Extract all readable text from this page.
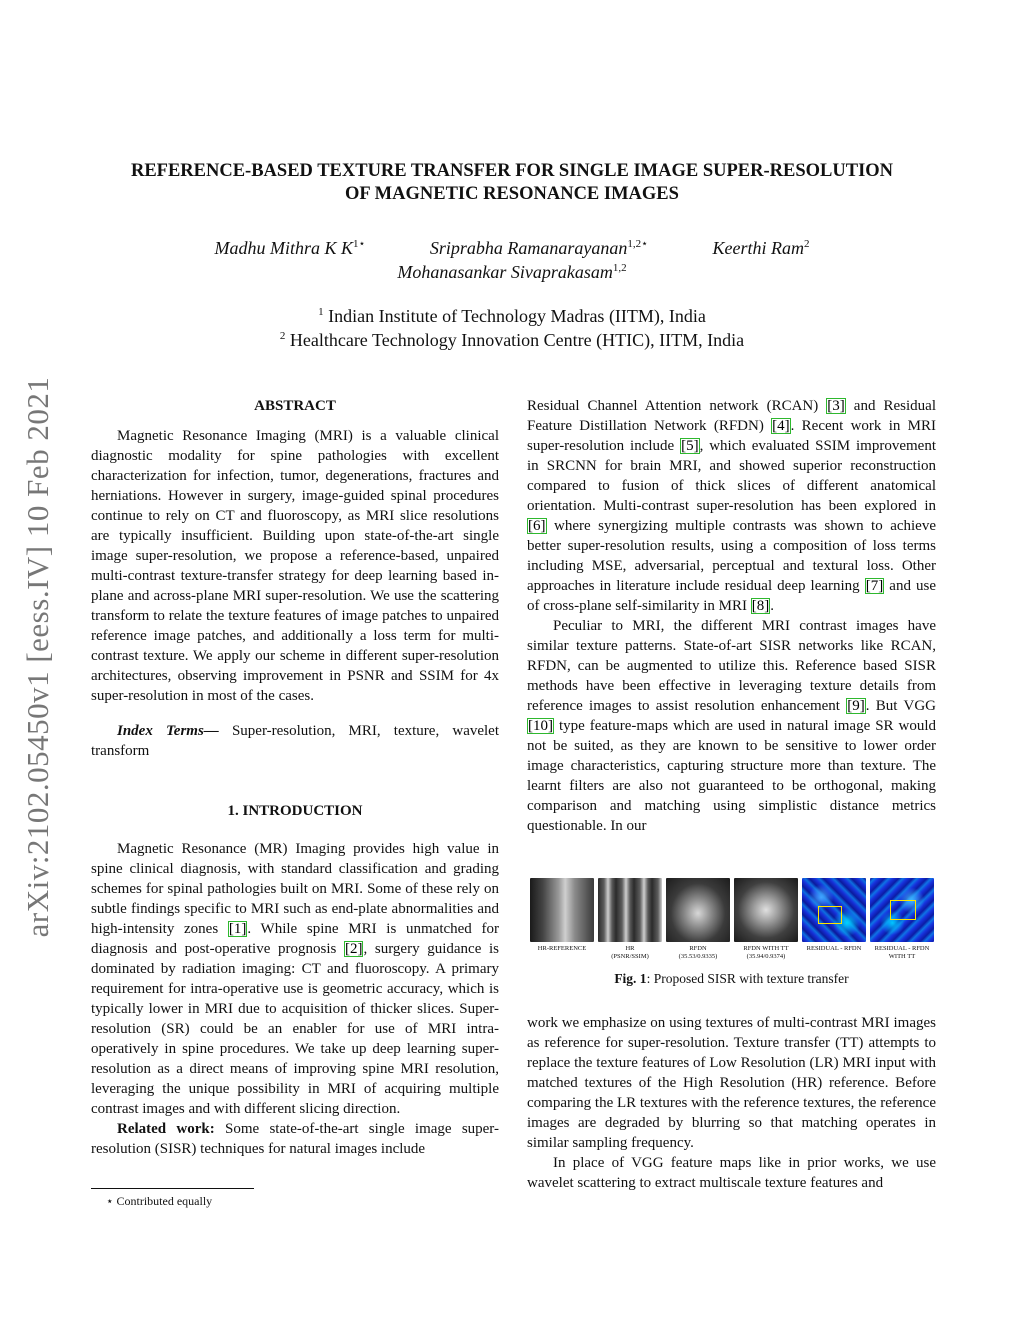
arXiv:2102.05450v1 [eess.IV] 10 Feb 2021
REFERENCE-BASED TEXTURE TRANSFER FOR SINGLE IMAGE SUPER-RESOLUTION
OF MAGNETIC RESONANCE IMAGES
Madhu Mithra K $K^{1⋆}$	Sriprabha Ramanarayanan$^{1,2⋆}$	Keerthi Ram$^2$
Mohanasankar Sivaprakasam$^{1,2}$
$^1$ Indian Institute of Technology Madras (IITM), India
$^2$ Healthcare Technology Innovation Centre (HTIC), IITM, India

ABSTRACT

Magnetic Resonance Imaging (MRI) is a valuable clinical diagnostic modality for spine pathologies with excellent characterization for infection, tumor, degenerations, fractures and herniations. However in surgery, image-guided spinal procedures continue to rely on CT and fluoroscopy, as MRI slice resolutions are typically insufficient. Building upon state-of-the-art single image super-resolution, we propose a reference-based, unpaired multi-contrast texture-transfer strategy for deep learning based in-plane and across-plane MRI super-resolution. We use the scattering transform to relate the texture features of image patches to unpaired reference image patches, and additionally a loss term for multi-contrast texture. We apply our scheme in different super-resolution architectures, observing improvement in PSNR and SSIM for 4x super-resolution in most of the cases.

Index Terms— Super-resolution, MRI, texture, wavelet transform

1. INTRODUCTION

Magnetic Resonance (MR) Imaging provides high value in spine clinical diagnosis, with standard classification and grading schemes for spinal pathologies built on MRI. Some of these rely on subtle findings specific to MRI such as end-plate abnormalities and high-intensity zones [1]. While spine MRI is unmatched for diagnosis and post-operative prognosis [2], surgery guidance is dominated by radiation imaging: CT and fluoroscopy. A primary requirement for intra-operative use is geometric accuracy, which is typically lower in MRI due to acquisition of thicker slices. Super-resolution (SR) could be an enabler for use of MRI intra-operatively in spine procedures. We take up deep learning super-resolution as a direct means of improving spine MRI resolution, leveraging the unique possibility in MRI of acquiring multiple contrast images and with different slicing direction.

Related work: Some state-of-the-art single image super-resolution (SISR) techniques for natural images include

⋆ Contributed equally

Residual Channel Attention network (RCAN) [3] and Residual Feature Distillation Network (RFDN) [4]. Recent work in MRI super-resolution include [5], which evaluated SSIM improvement in SRCNN for brain MRI, and showed superior reconstruction compared to fusion of thick slices of different anatomical orientation. Multi-contrast super-resolution has been explored in [6] where synergizing multiple contrasts was shown to achieve better super-resolution results, using a composition of loss terms including MSE, adversarial, perceptual and textural loss. Other approaches in literature include residual deep learning [7] and use of cross-plane self-similarity in MRI [8].

Peculiar to MRI, the different MRI contrast images have similar texture patterns. State-of-art SISR networks like RCAN, RFDN, can be augmented to utilize this. Reference based SISR methods have been effective in leveraging texture details from reference images to assist resolution enhancement [9]. But VGG [10] type feature-maps which are used in natural image SR would not be suited, as they are known to be sensitive to lower order image characteristics, capturing structure more than texture. The learnt filters are also not guaranteed to be orthogonal, making comparison and matching using simplistic distance metrics questionable. In our

HR-REFERENCE	HR
(PSNR/SSIM)
RFDN
(35.53/0.9335)
RFDN WITH TT
(35.94/0.9374)
RESIDUAL - RFDN	RESIDUAL - RFDN
WITH TT
Fig. 1: Proposed SISR with texture transfer

work we emphasize on using textures of multi-contrast MRI images as reference for super-resolution. Texture transfer (TT) attempts to replace the texture features of Low Resolution (LR) MRI input with matched textures of the High Resolution (HR) reference. Before comparing the LR textures with the reference textures, the reference images are degraded by blurring so that matching operates in similar sampling frequency.

In place of VGG feature maps like in prior works, we use wavelet scattering to extract multiscale texture features and
